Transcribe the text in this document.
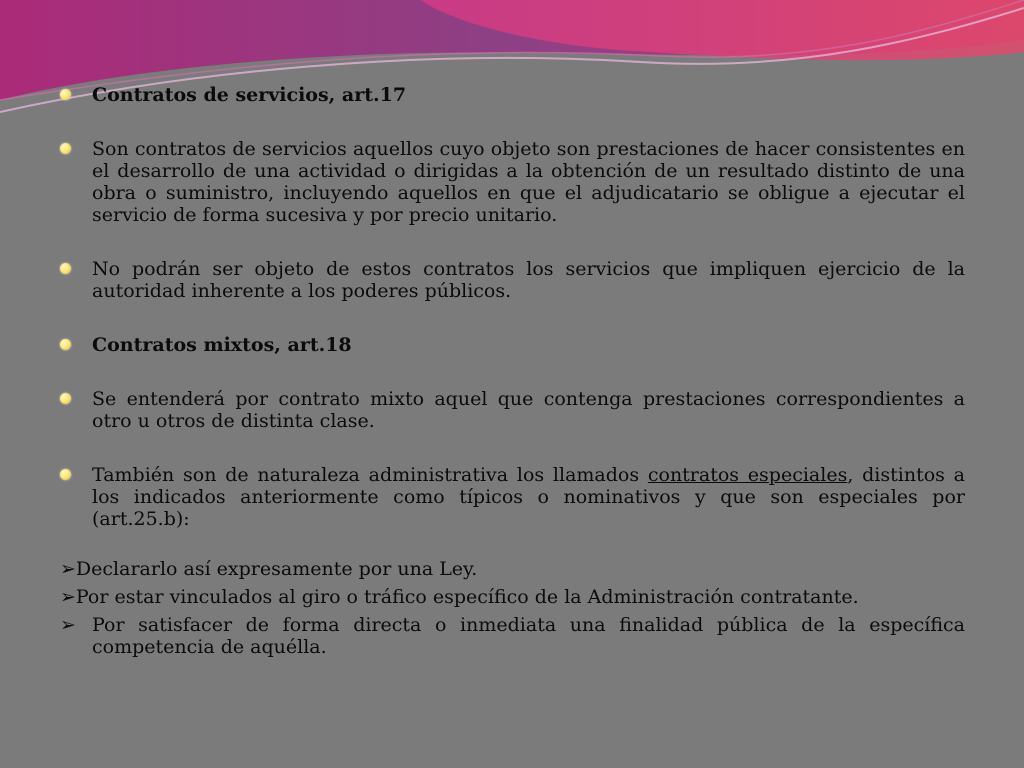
Contratos de servicios, art.17
Son contratos de servicios aquellos cuyo objeto son prestaciones de hacer consistentes en el desarrollo de una actividad o dirigidas a la obtención de un resultado distinto de una obra o suministro, incluyendo aquellos en que el adjudicatario se obligue a ejecutar el servicio de forma sucesiva y por precio unitario.
No podrán ser objeto de estos contratos los servicios que impliquen ejercicio de la autoridad inherente a los poderes públicos.
Contratos mixtos, art.18
Se entenderá por contrato mixto aquel que contenga prestaciones correspondientes a otro u otros de distinta clase.
También son de naturaleza administrativa los llamados contratos especiales, distintos a los indicados anteriormente como típicos o nominativos y que son especiales por (art.25.b):
➢Declararlo así expresamente por una Ley.
➢Por estar vinculados al giro o tráfico específico de la Administración contratante.
➢ Por satisfacer de forma directa o inmediata una finalidad pública de la específica competencia de aquélla.
